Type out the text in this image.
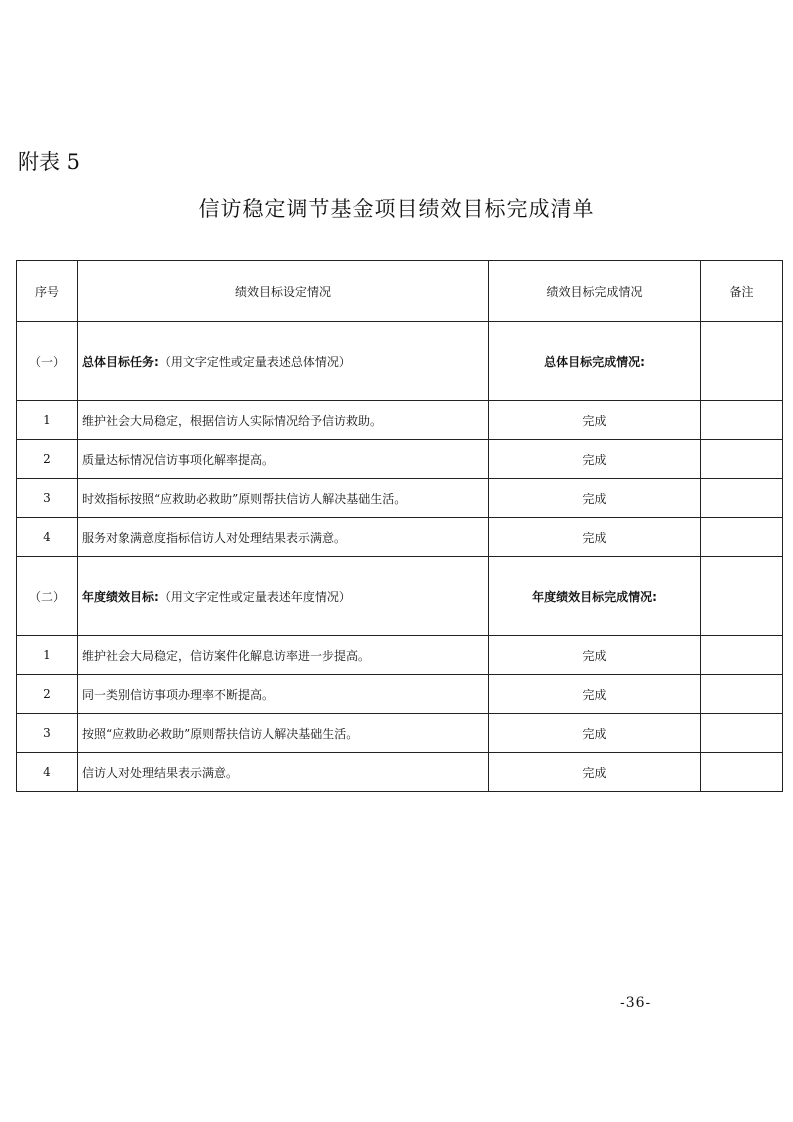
附表 5
信访稳定调节基金项目绩效目标完成清单
序号	绩效目标设定情况	绩效目标完成情况	备注
（一）	总体目标任务:（用文字定性或定量表述总体情况）	总体目标完成情况:	
1	维护社会大局稳定，根据信访人实际情况给予信访救助。	完成	
2	质量达标情况信访事项化解率提高。	完成	
3	时效指标按照“应救助必救助”原则帮扶信访人解决基础生活。	完成	
4	服务对象满意度指标信访人对处理结果表示满意。	完成	
（二）	年度绩效目标:（用文字定性或定量表述年度情况）	年度绩效目标完成情况:	
1	维护社会大局稳定，信访案件化解息访率进一步提高。	完成	
2	同一类别信访事项办理率不断提高。	完成	
3	按照“应救助必救助”原则帮扶信访人解决基础生活。	完成	
4	信访人对处理结果表示满意。	完成	
-36-
